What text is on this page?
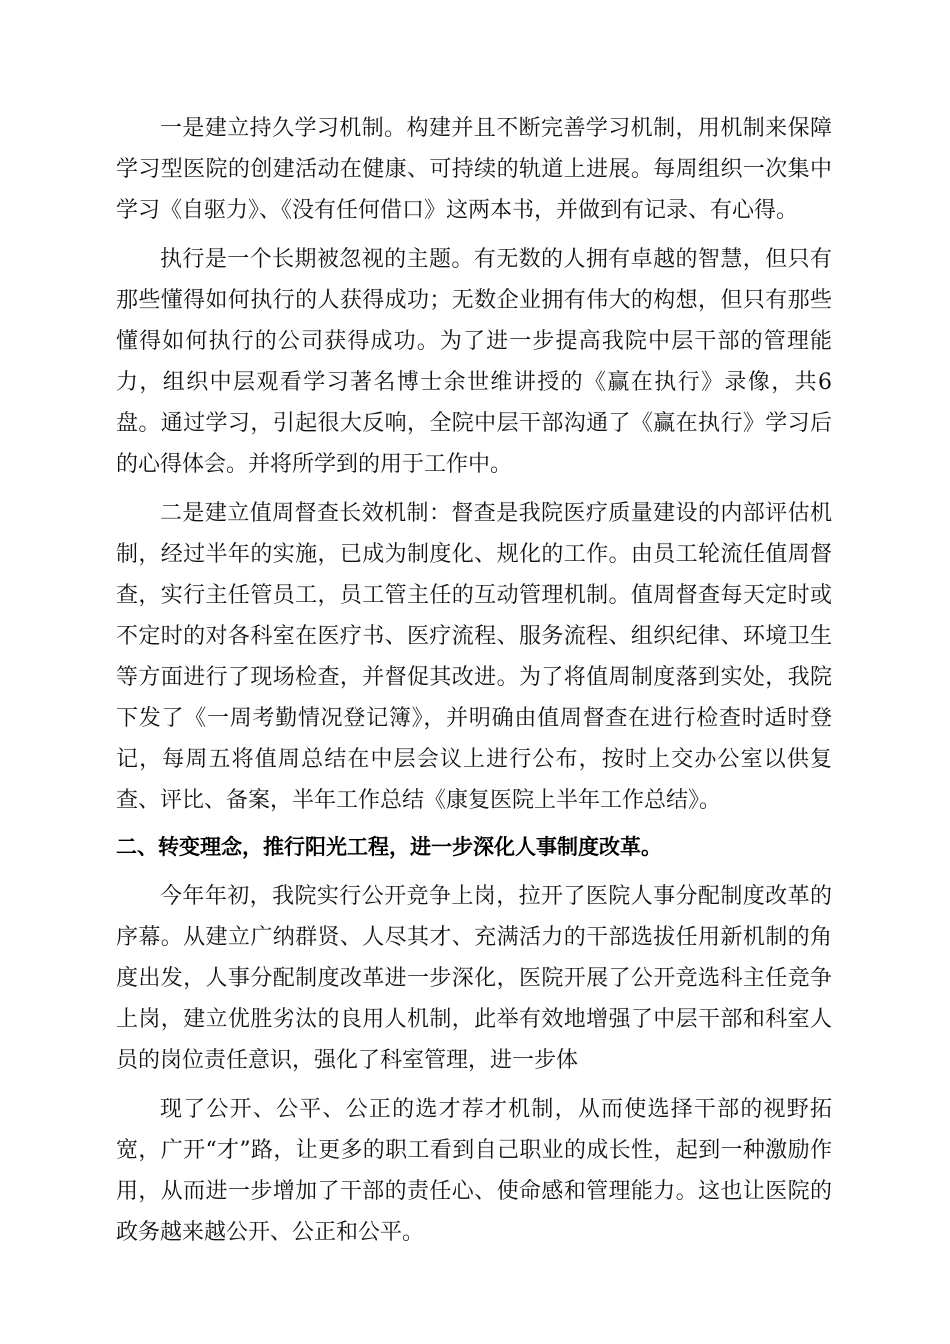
一是建立持久学习机制。构建并且不断完善学习机制，用机制来保障学习型医院的创建活动在健康、可持续的轨道上进展。每周组织一次集中学习《自驱力》、《没有任何借口》这两本书，并做到有记录、有心得。

执行是一个长期被忽视的主题。有无数的人拥有卓越的智慧，但只有那些懂得如何执行的人获得成功；无数企业拥有伟大的构想，但只有那些懂得如何执行的公司获得成功。为了进一步提高我院中层干部的管理能力，组织中层观看学习著名博士余世维讲授的《赢在执行》录像，共6盘。通过学习，引起很大反响，全院中层干部沟通了《赢在执行》学习后的心得体会。并将所学到的用于工作中。

二是建立值周督查长效机制：督查是我院医疗质量建设的内部评估机制，经过半年的实施，已成为制度化、规化的工作。由员工轮流任值周督查，实行主任管员工，员工管主任的互动管理机制。值周督查每天定时或不定时的对各科室在医疗书、医疗流程、服务流程、组织纪律、环境卫生等方面进行了现场检查，并督促其改进。为了将值周制度落到实处，我院下发了《一周考勤情况登记簿》，并明确由值周督查在进行检查时适时登记，每周五将值周总结在中层会议上进行公布，按时上交办公室以供复查、评比、备案，半年工作总结《康复医院上半年工作总结》。

二、转变理念，推行阳光工程，进一步深化人事制度改革。

今年年初，我院实行公开竞争上岗，拉开了医院人事分配制度改革的序幕。从建立广纳群贤、人尽其才、充满活力的干部选拔任用新机制的角度出发，人事分配制度改革进一步深化，医院开展了公开竞选科主任竞争上岗，建立优胜劣汰的良用人机制，此举有效地增强了中层干部和科室人员的岗位责任意识，强化了科室管理，进一步体

现了公开、公平、公正的选才荐才机制，从而使选择干部的视野拓宽，广开“才”路，让更多的职工看到自己职业的成长性，起到一种激励作用，从而进一步增加了干部的责任心、使命感和管理能力。这也让医院的政务越来越公开、公正和公平。
